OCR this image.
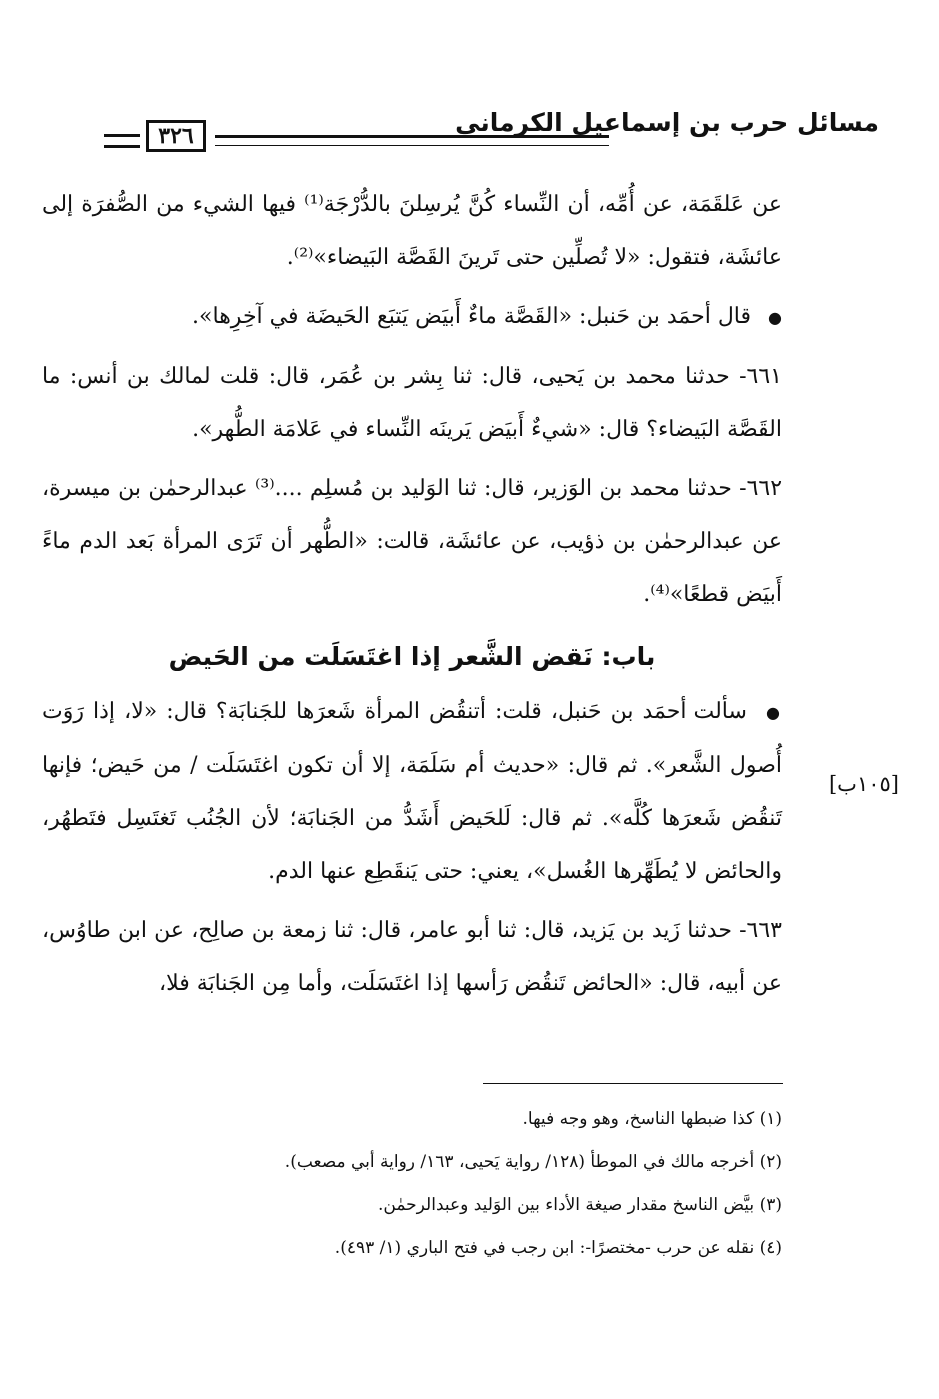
مسائل حرب بن إسماعيل الكرماني
٣٢٦

عن عَلقَمَة، عن أُمِّه، أن النِّساء كُنَّ يُرسِلنَ بالدُّرْجَة⁽¹⁾ فيها الشيء من الصُّفرَة إلى عائشَة، فتقول: «لا تُصلِّين حتى تَرينَ القَصَّة البَيضاء»⁽²⁾.

● قال أحمَد بن حَنبل: «القَصَّة ماءٌ أَبيَض يَتبَع الحَيضَة في آخِرِها».

٦٦١- حدثنا محمد بن يَحيى، قال: ثنا بِشر بن عُمَر، قال: قلت لمالك بن أنس: ما القَصَّة البَيضاء؟ قال: «شيءٌ أَبيَض يَرينَه النِّساء في عَلامَة الطُّهر».

٦٦٢- حدثنا محمد بن الوَزير، قال: ثنا الوَليد بن مُسلِم ....⁽³⁾ عبدالرحمٰن بن ميسرة، عن عبدالرحمٰن بن ذؤيب، عن عائشَة، قالت: «الطُّهر أن تَرَى المرأة بَعد الدم ماءً أَبيَض قطعًا»⁽⁴⁾.

باب: نَقض الشَّعر إذا اغتَسَلَت من الحَيض

● سألت أحمَد بن حَنبل، قلت: أتنقُض المرأة شَعرَها للجَنابَة؟ قال: «لا، إذا رَوَت أُصول الشَّعر». ثم قال: «حديث أم سَلَمَة، إلا أن تكون اغتَسَلَت / من حَيض؛ فإنها تَنقُض شَعرَها كُلَّه». ثم قال: لَلحَيض أَشَدُّ من الجَنابَة؛ لأن الجُنُب تَغتَسِل فتَطهُر، والحائض لا يُطَهِّرها الغُسل»، يعني: حتى يَنقَطِع عنها الدم.

٦٦٣- حدثنا زَيد بن يَزيد، قال: ثنا أبو عامر، قال: ثنا زمعة بن صالِح، عن ابن طاوُس، عن أبيه، قال: «الحائض تَنقُض رَأسها إذا اغتَسَلَت، وأما مِن الجَنابَة فلا،

[١٠٥ب]

(١) كذا ضبطها الناسخ، وهو وجه فيها.

(٢) أخرجه مالك في الموطأ (١٢٨/ رواية يَحيى، ١٦٣/ رواية أبي مصعب).

(٣) بيَّض الناسخ مقدار صيغة الأداء بين الوَليد وعبدالرحمٰن.

(٤) نقله عن حرب -مختصرًا-: ابن رجب في فتح الباري (١/ ٤٩٣).
